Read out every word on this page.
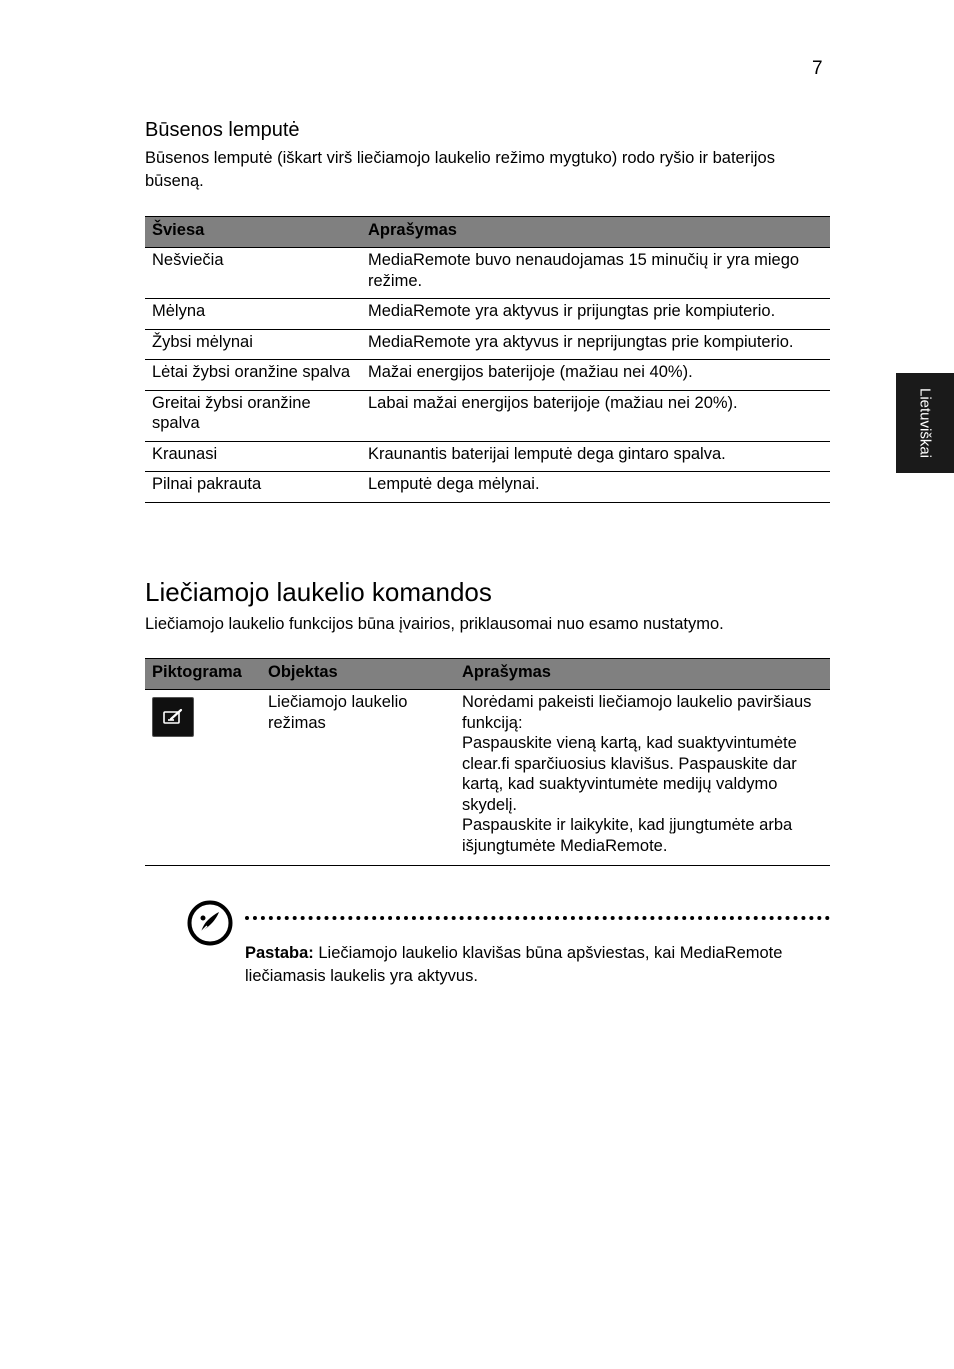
7
Lietuviškai
Būsenos lemputė

Būsenos lemputė (iškart virš liečiamojo laukelio režimo mygtuko) rodo ryšio ir baterijos būseną.

Šviesa	Aprašymas
Nešviečia	MediaRemote buvo nenaudojamas 15 minučių ir yra miego režime.
Mėlyna	MediaRemote yra aktyvus ir prijungtas prie kompiuterio.
Žybsi mėlynai	MediaRemote yra aktyvus ir neprijungtas prie kompiuterio.
Lėtai žybsi oranžine spalva	Mažai energijos baterijoje (mažiau nei 40%).
Greitai žybsi oranžine spalva	Labai mažai energijos baterijoje (mažiau nei 20%).
Kraunasi	Kraunantis baterijai lemputė dega gintaro spalva.
Pilnai pakrauta	Lemputė dega mėlynai.
Liečiamojo laukelio komandos

Liečiamojo laukelio funkcijos būna įvairios, priklausomai nuo esamo nustatymo.

Piktograma	Objektas	Aprašymas

	Liečiamojo laukelio režimas	Norėdami pakeisti liečiamojo laukelio paviršiaus funkciją:
Paspauskite vieną kartą, kad suaktyvintumėte clear.fi sparčiuosius klavišus. Paspauskite dar kartą, kad suaktyvintumėte medijų valdymo skydelį.
Paspauskite ir laikykite, kad įjungtumėte arba išjungtumėte MediaRemote.

Pastaba: Liečiamojo laukelio klavišas būna apšviestas, kai MediaRemote liečiamasis laukelis yra aktyvus.
